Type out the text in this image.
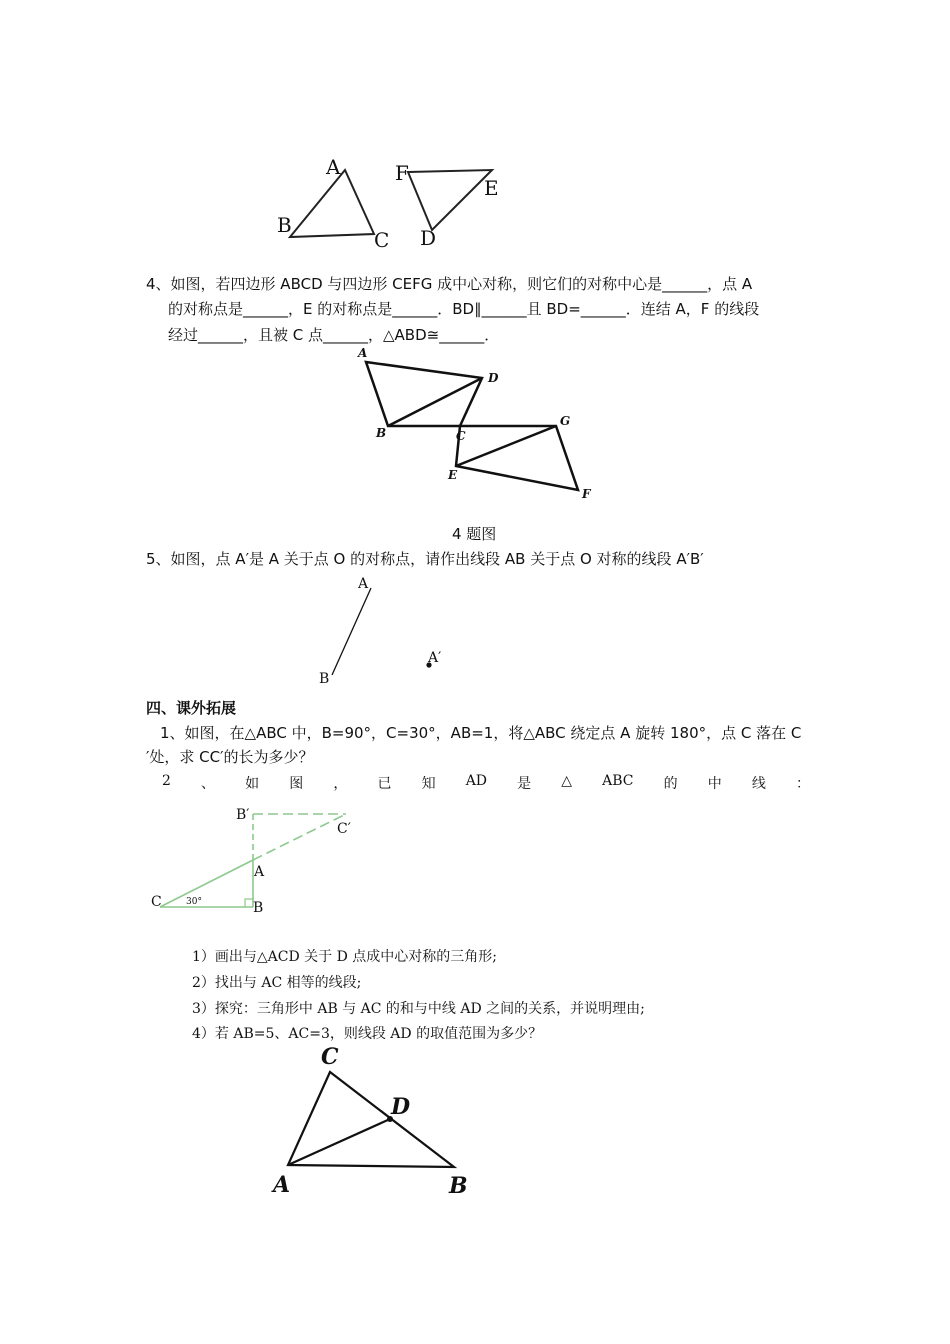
A
B
C
F
E
D
4、如图，若四边形 ABCD 与四边形 CEFG 成中心对称，则它们的对称中心是______，点 A
的对称点是______，E 的对称点是______．BD∥______且 BD=______．连结 A，F 的线段
经过______，且被 C 点______，△ABD≅______．
A
D
B	C
G
E
F
4 题图
5、如图，点 A′是 A 关于点 O 的对称点，请作出线段 AB 关于点 O 对称的线段 A′B′
A
B
A′
四、课外拓展
1、如图，在△ABC 中，B=90°，C=30°，AB=1，将△ABC 绕定点 A 旋转 180°，点 C 落在 C
′处，求 CC′的长为多少？
2 、 如 图 ， 已 知 AD 是 △ ABC 的 中 线 ：
B′
C′
A
C	B
30°
1）画出与△ACD 关于 D 点成中心对称的三角形;
2）找出与 AC 相等的线段;
3）探究：三角形中 AB 与 AC 的和与中线 AD 之间的关系，并说明理由;
4）若 AB=5、AC=3，则线段 AD 的取值范围为多少？
C
D
A	B
